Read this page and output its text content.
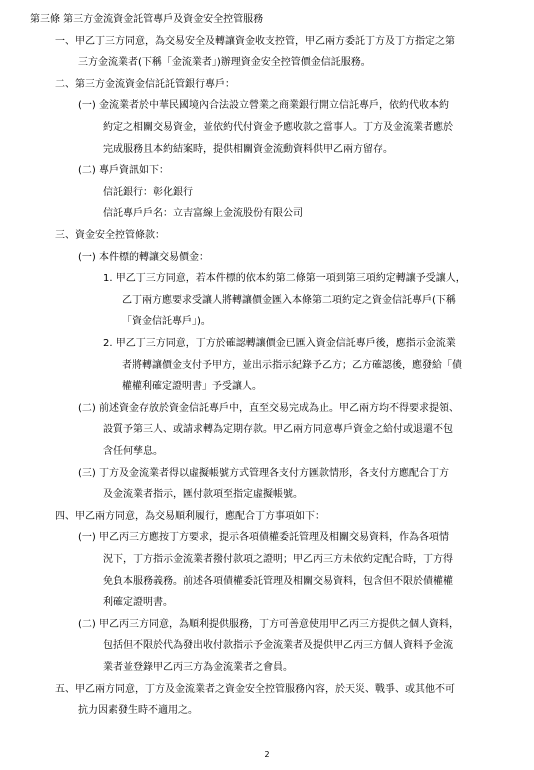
第三條 第三方金流資金託管專戶及資金安全控管服務
一、甲乙丁三方同意，為交易安全及轉讓資金收支控管，甲乙兩方委託丁方及丁方指定之第
三方金流業者(下稱「金流業者」)辦理資金安全控管價金信託服務。
二、第三方金流資金信託託管銀行專戶：
(一) 金流業者於中華民國境內合法設立營業之商業銀行開立信託專戶，依約代收本約
約定之相關交易資金，並依約代付資金予應收款之當事人。丁方及金流業者應於
完成服務且本約結案時，提供相關資金流動資料供甲乙兩方留存。
(二) 專戶資訊如下：
信託銀行：彰化銀行
信託專戶戶名：立吉富線上金流股份有限公司
三、資金安全控管條款：
(一) 本件標的轉讓交易價金：
1. 甲乙丁三方同意，若本件標的依本約第二條第一項到第三項約定轉讓予受讓人，
乙丁兩方應要求受讓人將轉讓價金匯入本條第二項約定之資金信託專戶(下稱
「資金信託專戶」)。
2. 甲乙丁三方同意，丁方於確認轉讓價金已匯入資金信託專戶後，應指示金流業
者將轉讓價金支付予甲方，並出示指示紀錄予乙方；乙方確認後，應發給「債
權權利確定證明書」予受讓人。
(二) 前述資金存放於資金信託專戶中，直至交易完成為止。甲乙兩方均不得要求提領、
設質予第三人、或請求轉為定期存款。甲乙兩方同意專戶資金之給付或退還不包
含任何孳息。
(三) 丁方及金流業者得以虛擬帳號方式管理各支付方匯款情形，各支付方應配合丁方
及金流業者指示，匯付款項至指定虛擬帳號。
四、甲乙兩方同意，為交易順利履行，應配合丁方事項如下：
(一) 甲乙丙三方應按丁方要求，提示各項債權委託管理及相關交易資料，作為各項情
況下，丁方指示金流業者撥付款項之證明；甲乙丙三方未依約定配合時，丁方得
免負本服務義務。前述各項債權委託管理及相關交易資料，包含但不限於債權權
利確定證明書。
(二) 甲乙丙三方同意，為順利提供服務，丁方可善意使用甲乙丙三方提供之個人資料，
包括但不限於代為發出收付款指示予金流業者及提供甲乙丙三方個人資料予金流
業者並登錄甲乙丙三方為金流業者之會員。
五、甲乙兩方同意，丁方及金流業者之資金安全控管服務內容，於天災、戰爭、或其他不可
抗力因素發生時不適用之。
2
